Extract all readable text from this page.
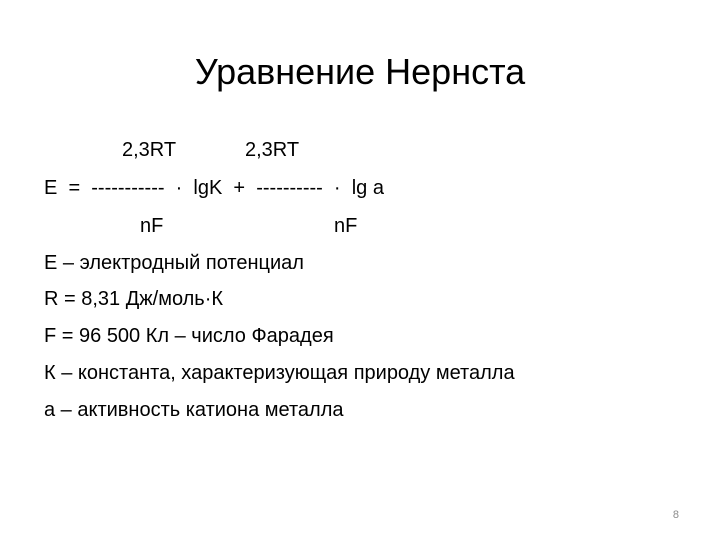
Уравнение Нернста
2,3RT	2,3RT
E  =  -----------  ·  lgK  +  ----------  ·  lg a
nF	nF
E – электродный потенциал
R = 8,31 Дж/моль·К
F = 96 500 Кл – число Фарадея
К – константа, характеризующая природу металла
a – активность катиона металла
8
